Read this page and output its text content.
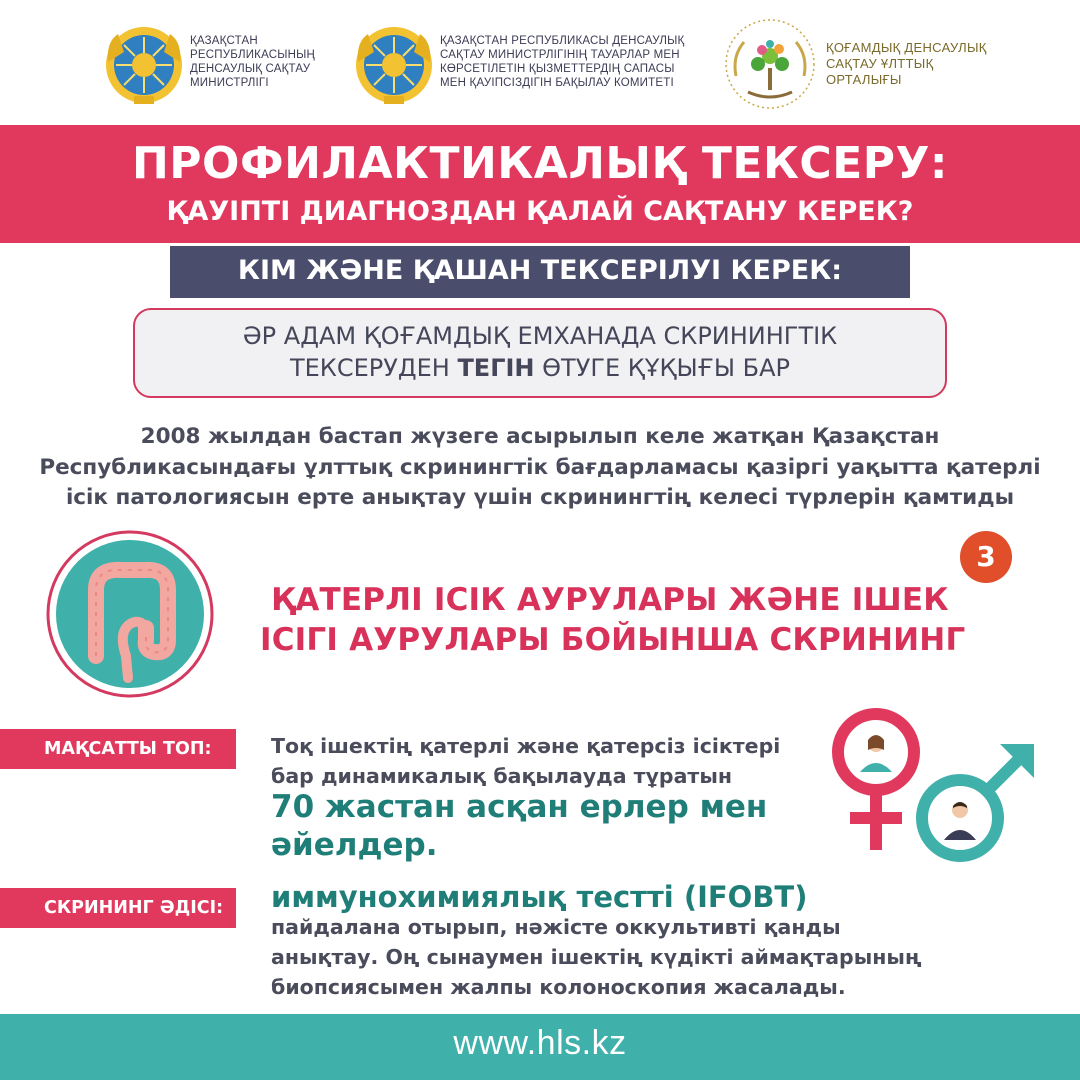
ҚАЗАҚСТАН
РЕСПУБЛИКАСЫНЫҢ
ДЕНСАУЛЫҚ САҚТАУ
МИНИСТРЛІГІ
ҚАЗАҚСТАН РЕСПУБЛИКАСЫ ДЕНСАУЛЫҚ
САҚТАУ МИНИСТРЛІГІНІҢ ТАУАРЛАР МЕН
КӨРСЕТІЛЕТІН ҚЫЗМЕТТЕРДІҢ САПАСЫ
МЕН ҚАУІПСІЗДІГІН БАҚЫЛАУ КОМИТЕТІ
ҚОҒАМДЫҚ ДЕНСАУЛЫҚ
САҚТАУ ҰЛТТЫҚ
ОРТАЛЫҒЫ
ПРОФИЛАКТИКАЛЫҚ ТЕКСЕРУ:
ҚАУІПТІ ДИАГНОЗДАН ҚАЛАЙ САҚТАНУ КЕРЕК?
КІМ ЖӘНЕ ҚАШАН ТЕКСЕРІЛУІ КЕРЕК:
ӘР АДАМ ҚОҒАМДЫҚ ЕМХАНАДА СКРИНИНГТІК
ТЕКСЕРУДЕН ТЕГІН ӨТУГЕ ҚҰҚЫҒЫ БАР
2008 жылдан бастап жүзеге асырылып келе жатқан Қазақстан
Республикасындағы ұлттық скринингтік бағдарламасы қазіргі уақытта қатерлі
ісік патологиясын ерте анықтау үшін скринингтің келесі түрлерін қамтиды
3
ҚАТЕРЛІ ІСІК АУРУЛАРЫ ЖӘНЕ ІШЕК
ІСІГІ АУРУЛАРЫ БОЙЫНША СКРИНИНГ
МАҚСАТТЫ ТОП:	Тоқ ішектің қатерлі және қатерсіз ісіктері
бар динамикалық бақылауда тұратын
70 жастан асқан ерлер мен
әйелдер.
СКРИНИНГ ӘДІСІ:	иммунохимиялық тестті (IFOBT)
пайдалана отырып, нәжісте оккультивті қанды
анықтау. Оң сынаумен ішектің күдікті аймақтарының
биопсиясымен жалпы колоноскопия жасалады.
www.hls.kz
